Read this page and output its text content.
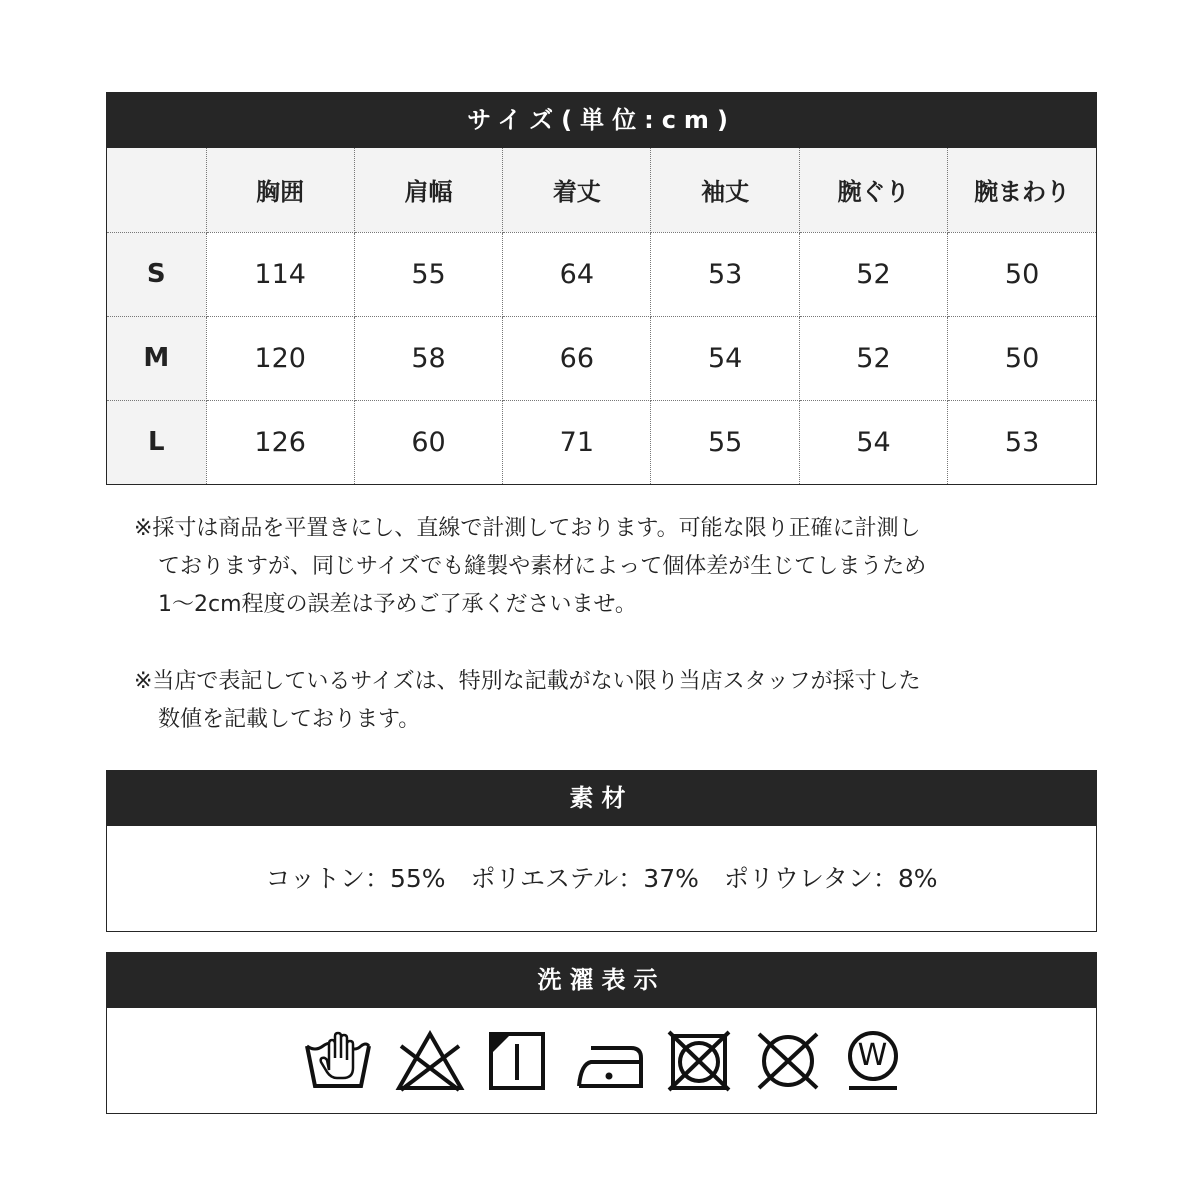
サイズ(単位:cm)
	胸囲	肩幅	着丈	袖丈	腕ぐり	腕まわり
S	114	55	64	53	52	50
M	120	58	66	54	52	50
L	126	60	71	55	54	53

※採寸は商品を平置きにし、直線で計測しております。可能な限り正確に計測し

ておりますが、同じサイズでも縫製や素材によって個体差が生じてしまうため

1〜2cm程度の誤差は予めご了承くださいませ。

※当店で表記しているサイズは、特別な記載がない限り当店スタッフが採寸した

数値を記載しております。

素材
コットン：55%　ポリエステル：37%　ポリウレタン：8%
洗濯表示
W
